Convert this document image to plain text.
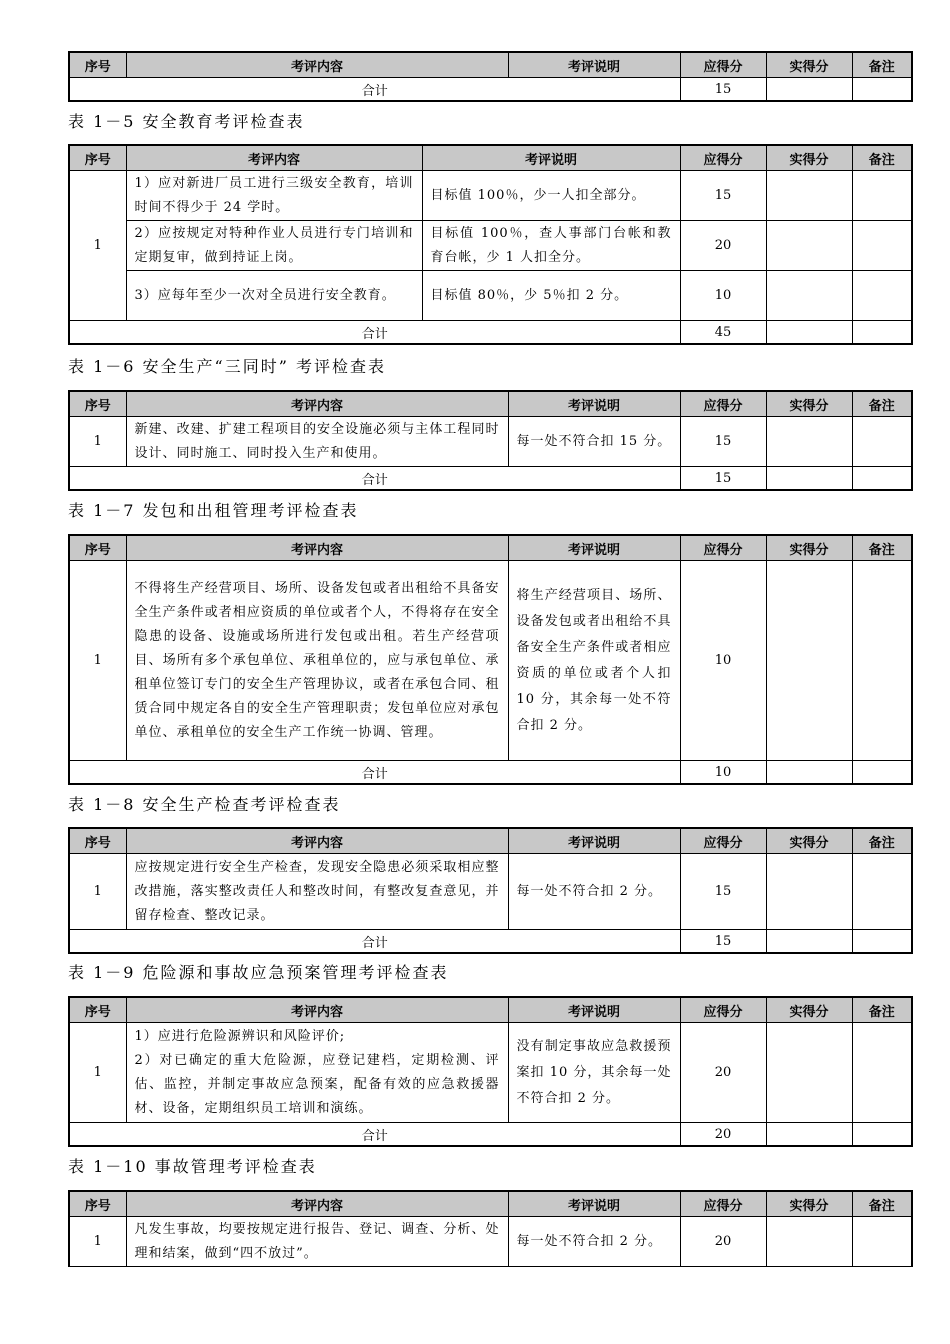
序号	考评内容	考评说明	应得分	实得分	备注
合计			15		
表 1－5 安全教育考评检查表
序号	考评内容	考评说明	应得分	实得分	备注
1	1）应对新进厂员工进行三级安全教育，培训时间不得少于 24 学时。	目标值 100％，少一人扣全部分。	15		
	2）应按规定对特种作业人员进行专门培训和定期复审，做到持证上岗。	目标值 100％，查人事部门台帐和教育台帐，少 1 人扣全分。	20		
	3）应每年至少一次对全员进行安全教育。	目标值 80％，少 5％扣 2 分。	10		
合计			45		
表 1－6 安全生产“三同时” 考评检查表
序号	考评内容	考评说明	应得分	实得分	备注
1	新建、改建、扩建工程项目的安全设施必须与主体工程同时设计、同时施工、同时投入生产和使用。	每一处不符合扣 15 分。	15		
合计			15		
表 1－7 发包和出租管理考评检查表
序号	考评内容	考评说明	应得分	实得分	备注
1	不得将生产经营项目、场所、设备发包或者出租给不具备安全生产条件或者相应资质的单位或者个人，不得将存在安全隐患的设备、设施或场所进行发包或出租。若生产经营项目、场所有多个承包单位、承租单位的，应与承包单位、承租单位签订专门的安全生产管理协议，或者在承包合同、租赁合同中规定各自的安全生产管理职责；发包单位应对承包单位、承租单位的安全生产工作统一协调、管理。	将生产经营项目、场所、设备发包或者出租给不具备安全生产条件或者相应资质的单位或者个人扣 10 分，其余每一处不符合扣 2 分。	10		
合计			10		
表 1－8 安全生产检查考评检查表
序号	考评内容	考评说明	应得分	实得分	备注
1	应按规定进行安全生产检查，发现安全隐患必须采取相应整改措施，落实整改责任人和整改时间，有整改复查意见，并留存检查、整改记录。	每一处不符合扣 2 分。	15		
合计			15		
表 1－9 危险源和事故应急预案管理考评检查表
序号	考评内容	考评说明	应得分	实得分	备注
1	1）应进行危险源辨识和风险评价;
2）对已确定的重大危险源，应登记建档，定期检测、评估、监控，并制定事故应急预案，配备有效的应急救援器材、设备，定期组织员工培训和演练。	没有制定事故应急救援预案扣 10 分，其余每一处不符合扣 2 分。	20		
合计			20		
表 1－10 事故管理考评检查表
序号	考评内容	考评说明	应得分	实得分	备注
1	凡发生事故，均要按规定进行报告、登记、调查、分析、处理和结案，做到“四不放过”。	每一处不符合扣 2 分。	20		
